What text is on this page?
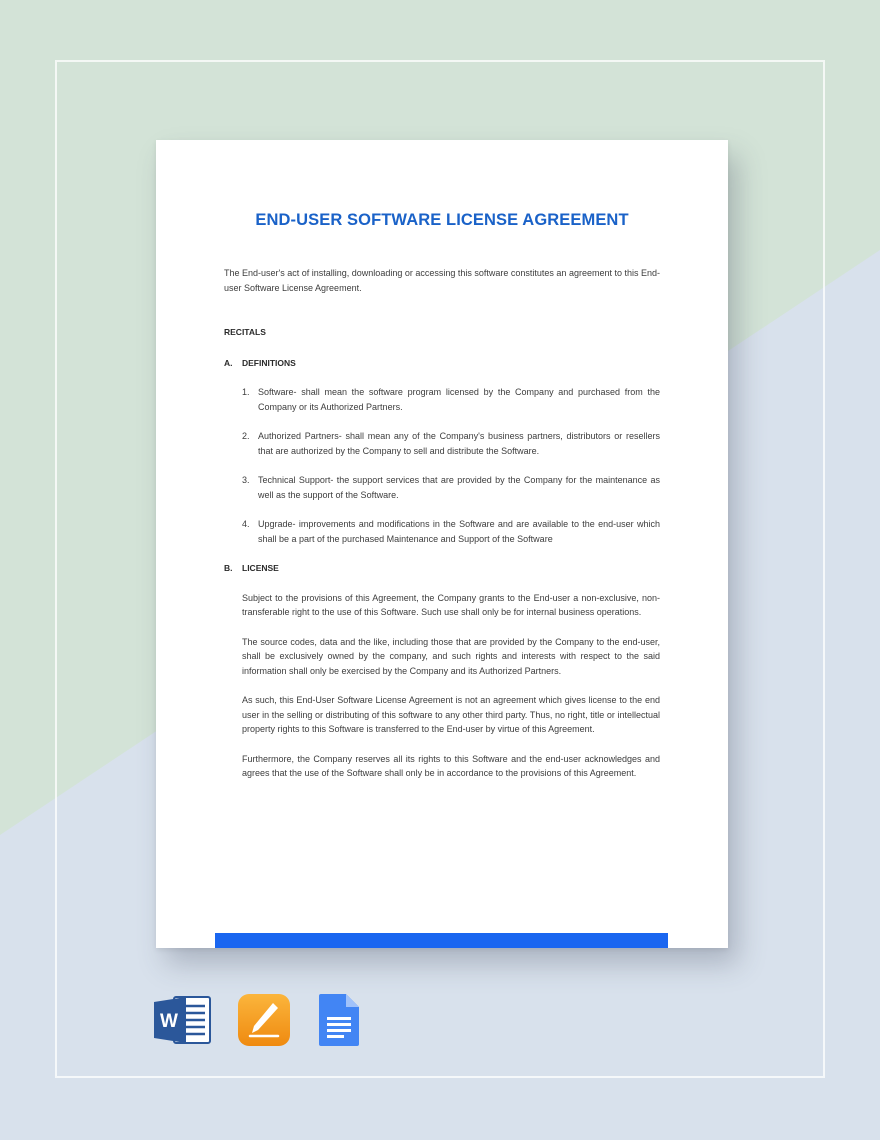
END-USER SOFTWARE LICENSE AGREEMENT

The End-user's act of installing, downloading or accessing this software constitutes an agreement to this End-user Software License Agreement.

RECITALS

A.	DEFINITIONS

1. Software- shall mean the software program licensed by the Company and purchased from the Company or its Authorized Partners.
2. Authorized Partners- shall mean any of the Company's business partners, distributors or resellers that are authorized by the Company to sell and distribute the Software.
3. Technical Support- the support services that are provided by the Company for the maintenance as well as the support of the Software.
4. Upgrade- improvements and modifications in the Software and are available to the end-user which shall be a part of the purchased Maintenance and Support of the Software

B.	LICENSE

Subject to the provisions of this Agreement, the Company grants to the End-user a non-exclusive, non-transferable right to the use of this Software. Such use shall only be for internal business operations.

The source codes, data and the like, including those that are provided by the Company to the end-user, shall be exclusively owned by the company, and such rights and interests with respect to the said information shall only be exercised by the Company and its Authorized Partners.

As such, this End-User Software License Agreement is not an agreement which gives license to the end user in the selling or distributing of this software to any other third party. Thus, no right, title or intellectual property rights to this Software is transferred to the End-user by virtue of this Agreement.

Furthermore, the Company reserves all its rights to this Software and the end-user acknowledges and agrees that the use of the Software shall only be in accordance to the provisions of this Agreement.

W
